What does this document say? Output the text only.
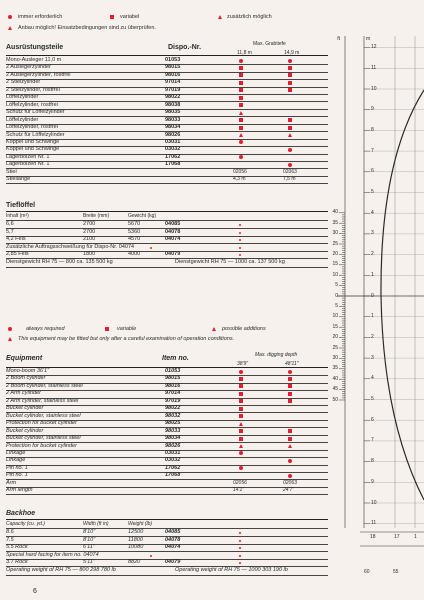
immer erforderlich	variabel	zusätzlich möglich
Anbau möglich! Einsatzbedingungen sind zu überprüfen.
Ausrüstungsteile	Dispo.-Nr.	Max. Grabtiefe
11,8 m	14,9 m
Mono-Ausleger 11,0 m	01053
2 Auslegerzylinder	98015
2 Auslegerzylinder, rostfrei	98016
2 Stielzylinder	97014
2 Stielzylinder, rostfrei	97019
Löffelzylinder	98022
Löffelzylinder, rostfrei	98038
Schutz für Löffelzylinder	98035
Löffelzylinder	98033
Löffelzylinder, rostfrei	98034
Schutz für Löffelzylinder	98026
Koppel und Schwinge	03031
Koppel und Schwinge	03032
Lagerbolzen Nr. 1	17062
Lagerbolzen Nr. 1	17068
Stiel	02056	02063
Stiellänge	4,3 m	7,5 m
Tieflöffel
Inhalt (m³)	Breite (mm)	Gewicht (kg)
6,6	2700	5670	04085
5,7	2700	5360	04078
4,2 Fels	2100	4570	04074
Zusätzliche Auftragsschweißung für Dispo-Nr. 04074
2,85 Fels	1800	4000	04079
Dienstgewicht RH 75 — 800 ca. 135 500 kg	Dienstgewicht RH 75 — 1000 ca. 137 500 kg
always required	variable	possible additions
This equipment may be fitted but only after a careful examination of operation conditions.
Equipment	Item no.	Max. digging depth
38'9"	48'11"
Mono-boom 36'1"	01053
2 Boom cylinder	98015
2 Boom cylinder, stainless steel	98016
2 Arm cylinder	97014
2 Arm cylinder, stainless steel	97019
Bucket cylinder	98022
Bucket cylinder, stainless steel	98032
Protection for bucket cylinder	98025
Bucket cylinder	98033
Bucket cylinder, stainless steel	98034
Protection for bucket cylinder	98026
Linkage	03031
Linkage	03032
Pin no. 1	17062
Pin no. 1	17068
Arm	02056	02063
Arm length	14'1"	24'7"
Backhoe
Capacity (cu. yd.)	Width (ft in)	Weight (lb)
8.6	8'10"	12500	04085
7.5	8'10"	11800	04078
5.5 Rock	6'11"	10080	04074
Special hard facing for item no. 04074
3.7 Rock	5'11"	8820	04079
Operating weight of RH 75 — 800 298 780 lb	Operating weight of RH 75 — 1000 303 190 lb
6
ft	m
40
35
30
25
20
15
10
5
0
5
10
15
20
25
30
35
40
45
50
12
11
10
9
8
7
6
5
4
3
2
1
0
1
2
3
4
5
6
7
8
9
10
11
18	17	1
60	55
